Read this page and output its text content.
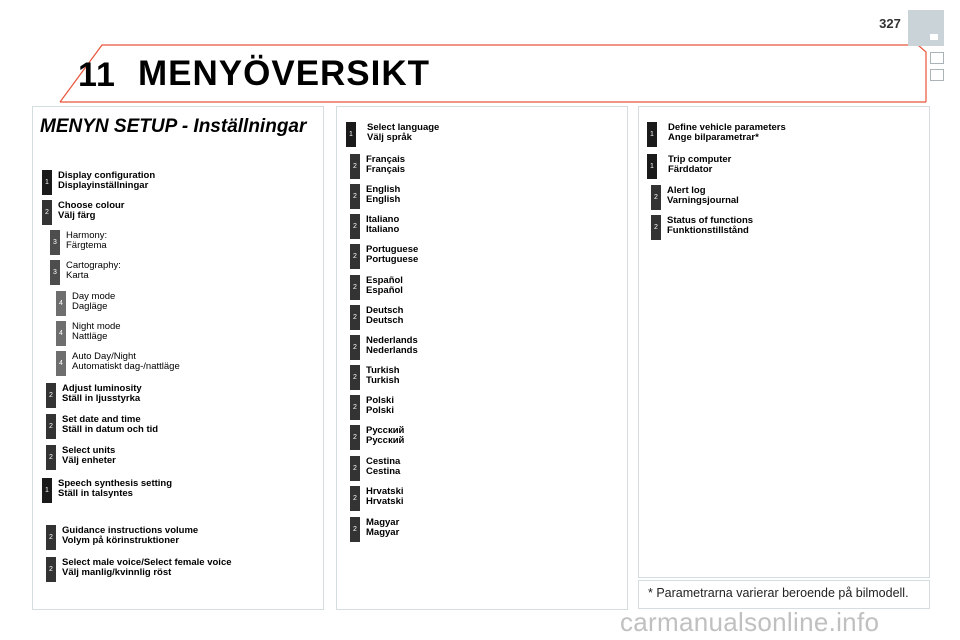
327
11 MENYÖVERSIKT
MENYN SETUP - Inställningar
1
Display configuration
Displayinställningar
2
Choose colour
Välj färg
3
Harmony:
Färgtema
3
Cartography:
Karta
4
Day mode
Dagläge
4
Night mode
Nattläge
4
Auto Day/Night
Automatiskt dag-/nattläge
2
Adjust luminosity
Ställ in ljusstyrka
2
Set date and time
Ställ in datum och tid
2
Select units
Välj enheter
1
Speech synthesis setting
Ställ in talsyntes
2
Guidance instructions volume
Volym på körinstruktioner
2
Select male voice/Select female voice
Välj manlig/kvinnlig röst
1
Select language
Välj språk
2
Français
Français
2
English
English
2
Italiano
Italiano
2
Portuguese
Portuguese
2
Español
Español
2
Deutsch
Deutsch
2
Nederlands
Nederlands
2
Turkish
Turkish
2
Polski
Polski
2
Русский
Русский
2
Cestina
Cestina
2
Hrvatski
Hrvatski
2
Magyar
Magyar
1
Define vehicle parameters
Ange bilparametrar*
1
Trip computer
Färddator
2
Alert log
Varningsjournal
2
Status of functions
Funktionstillstånd
* Parametrarna varierar beroende på bilmodell.
carmanualsonline.info
